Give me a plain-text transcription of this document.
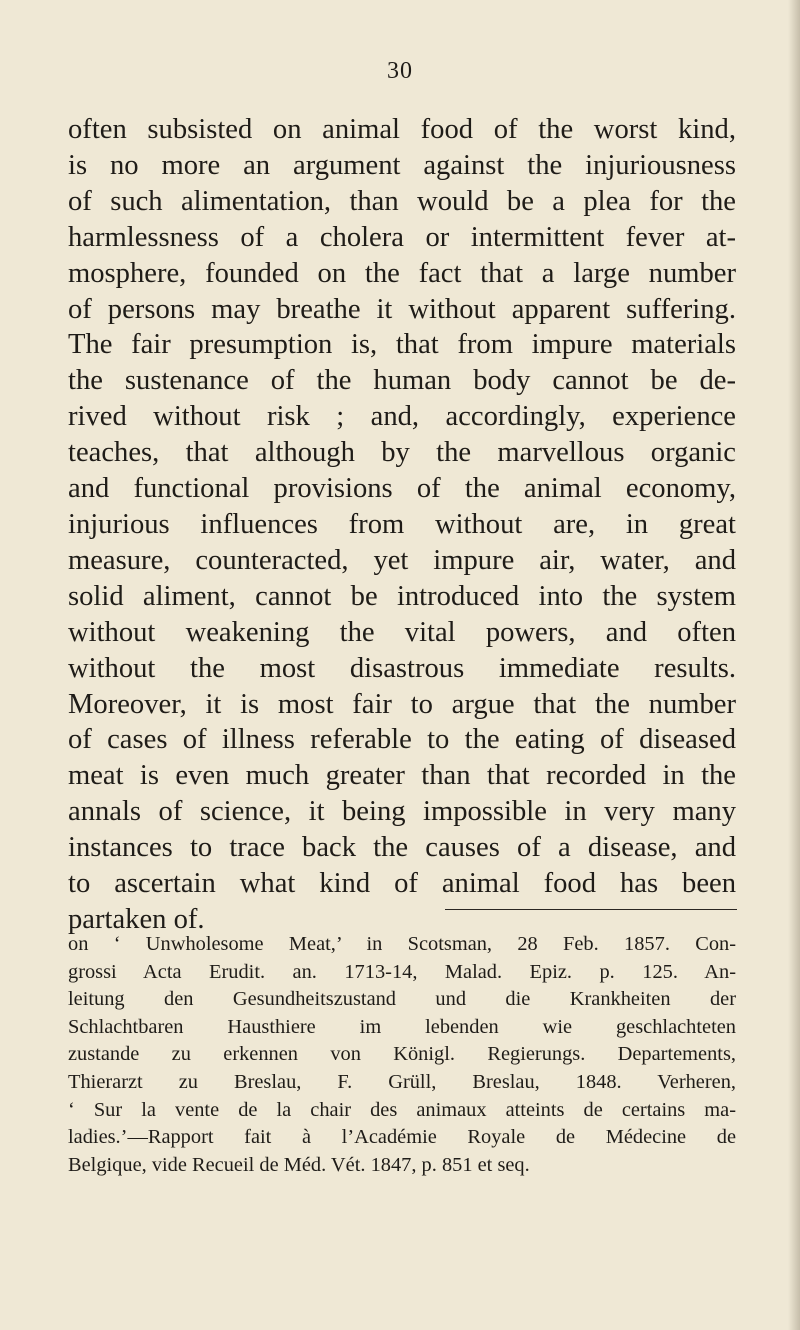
30
often subsisted on animal food of the worst kind,
is no more an argument against the injuriousness
of such alimentation, than would be a plea for the
harmlessness of a cholera or intermittent fever at-
mosphere, founded on the fact that a large number
of persons may breathe it without apparent suffering.
The fair presumption is, that from impure materials
the sustenance of the human body cannot be de-
rived without risk ; and, accordingly, experience
teaches, that although by the marvellous organic
and functional provisions of the animal economy,
injurious influences from without are, in great
measure, counteracted, yet impure air, water, and
solid aliment, cannot be introduced into the system
without weakening the vital powers, and often
without the most disastrous immediate results.
Moreover, it is most fair to argue that the number
of cases of illness referable to the eating of diseased
meat is even much greater than that recorded in the
annals of science, it being impossible in very many
instances to trace back the causes of a disease, and
to ascertain what kind of animal food has been
partaken of.
on ‘ Unwholesome Meat,’ in Scotsman, 28 Feb. 1857. Con-
grossi Acta Erudit. an. 1713-14, Malad. Epiz. p. 125. An-
leitung den Gesundheitszustand und die Krankheiten der
Schlachtbaren Hausthiere im lebenden wie geschlachteten
zustande zu erkennen von Königl. Regierungs. Departements,
Thierarzt zu Breslau, F. Grüll, Breslau, 1848. Verheren,
‘ Sur la vente de la chair des animaux atteints de certains ma-
ladies.’—Rapport fait à l’Académie Royale de Médecine de
Belgique, vide Recueil de Méd. Vét. 1847, p. 851 et seq.
